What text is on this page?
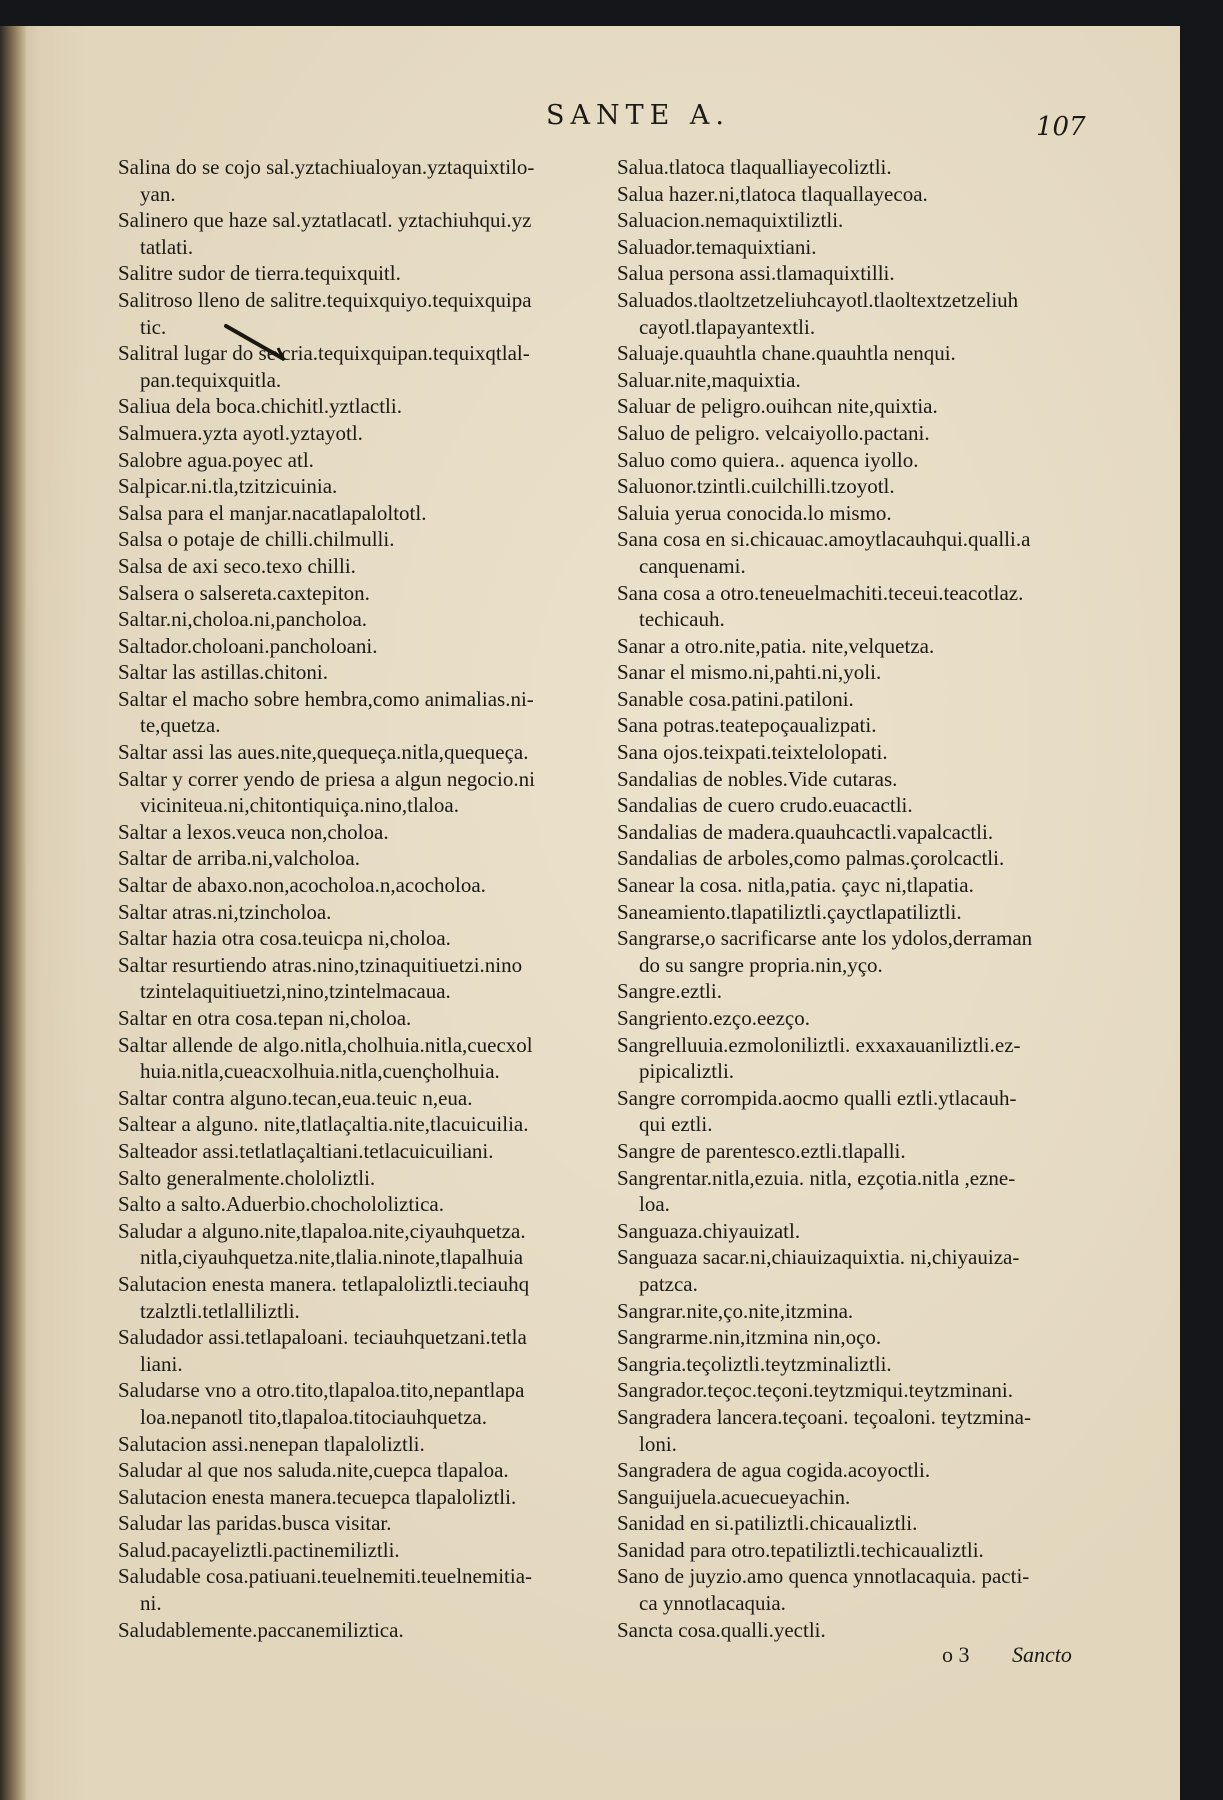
SANTE A.	107
Salina do se cojo sal.yztachiualoyan.yztaquixtilo-
yan.
Salinero que haze sal.yztatlacatl. yztachiuhqui.yz
tatlati.
Salitre sudor de tierra.tequixquitl.
Salitroso lleno de salitre.tequixquiyo.tequixquipa
tic.
Salitral lugar do se cria.tequixquipan.tequixqtlal-
pan.tequixquitla.
Saliua dela boca.chichitl.yztlactli.
Salmuera.yzta ayotl.yztayotl.
Salobre agua.poyec atl.
Salpicar.ni.tla,tzitzicuinia.
Salsa para el manjar.nacatlapaloltotl.
Salsa o potaje de chilli.chilmulli.
Salsa de axi seco.texo chilli.
Salsera o salsereta.caxtepiton.
Saltar.ni,choloa.ni,pancholoa.
Saltador.choloani.pancholoani.
Saltar las astillas.chitoni.
Saltar el macho sobre hembra,como animalias.ni-
te,quetza.
Saltar assi las aues.nite,quequeça.nitla,quequeça.
Saltar y correr yendo de priesa a algun negocio.ni
viciniteua.ni,chitontiquiça.nino,tlaloa.
Saltar a lexos.veuca non,choloa.
Saltar de arriba.ni,valcholoa.
Saltar de abaxo.non,acocholoa.n,acocholoa.
Saltar atras.ni,tzincholoa.
Saltar hazia otra cosa.teuicpa ni,choloa.
Saltar resurtiendo atras.nino,tzinaquitiuetzi.nino
tzintelaquitiuetzi,nino,tzintelmacaua.
Saltar en otra cosa.tepan ni,choloa.
Saltar allende de algo.nitla,cholhuia.nitla,cuecxol
huia.nitla,cueacxolhuia.nitla,cuençholhuia.
Saltar contra alguno.tecan,eua.teuic n,eua.
Saltear a alguno. nite,tlatlaçaltia.nite,tlacuicuilia.
Salteador assi.tetlatlaçaltiani.tetlacuicuiliani.
Salto generalmente.chololiztli.
Salto a salto.Aduerbio.chochololiztica.
Saludar a alguno.nite,tlapaloa.nite,ciyauhquetza.
nitla,ciyauhquetza.nite,tlalia.ninote,tlapalhuia
Salutacion enesta manera. tetlapaloliztli.teciauhq
tzalztli.tetlalliliztli.
Saludador assi.tetlapaloani. teciauhquetzani.tetla
liani.
Saludarse vno a otro.tito,tlapaloa.tito,nepantlapa
loa.nepanotl tito,tlapaloa.titociauhquetza.
Salutacion assi.nenepan tlapaloliztli.
Saludar al que nos saluda.nite,cuepca tlapaloa.
Salutacion enesta manera.tecuepca tlapaloliztli.
Saludar las paridas.busca visitar.
Salud.pacayeliztli.pactinemiliztli.
Saludable cosa.patiuani.teuelnemiti.teuelnemitia-
ni.
Saludablemente.paccanemiliztica.
Salua.tlatoca tlaqualliayecoliztli.
Salua hazer.ni,tlatoca tlaquallayecoa.
Saluacion.nemaquixtiliztli.
Saluador.temaquixtiani.
Salua persona assi.tlamaquixtilli.
Saluados.tlaoltzetzeliuhcayotl.tlaoltextzetzeliuh
cayotl.tlapayantextli.
Saluaje.quauhtla chane.quauhtla nenqui.
Saluar.nite,maquixtia.
Saluar de peligro.ouihcan nite,quixtia.
Saluo de peligro. velcaiyollo.pactani.
Saluo como quiera.. aquenca iyollo.
Saluonor.tzintli.cuilchilli.tzoyotl.
Saluia yerua conocida.lo mismo.
Sana cosa en si.chicauac.amoytlacauhqui.qualli.a
canquenami.
Sana cosa a otro.teneuelmachiti.teceui.teacotlaz.
techicauh.
Sanar a otro.nite,patia. nite,velquetza.
Sanar el mismo.ni,pahti.ni,yoli.
Sanable cosa.patini.patiloni.
Sana potras.teatepoçaualizpati.
Sana ojos.teixpati.teixtelolopati.
Sandalias de nobles.Vide cutaras.
Sandalias de cuero crudo.euacactli.
Sandalias de madera.quauhcactli.vapalcactli.
Sandalias de arboles,como palmas.çorolcactli.
Sanear la cosa. nitla,patia. çayc ni,tlapatia.
Saneamiento.tlapatiliztli.çayctlapatiliztli.
Sangrarse,o sacrificarse ante los ydolos,derraman
do su sangre propria.nin,yço.
Sangre.eztli.
Sangriento.ezço.eezço.
Sangrelluuia.ezmoloniliztli. exxaxauaniliztli.ez-
pipicaliztli.
Sangre corrompida.aocmo qualli eztli.ytlacauh-
qui eztli.
Sangre de parentesco.eztli.tlapalli.
Sangrentar.nitla,ezuia. nitla, ezçotia.nitla ,ezne-
loa.
Sanguaza.chiyauizatl.
Sanguaza sacar.ni,chiauizaquixtia. ni,chiyauiza-
patzca.
Sangrar.nite,ço.nite,itzmina.
Sangrarme.nin,itzmina nin,oço.
Sangria.teçoliztli.teytzminaliztli.
Sangrador.teçoc.teçoni.teytzmiqui.teytzminani.
Sangradera lancera.teçoani. teçoaloni. teytzmina-
loni.
Sangradera de agua cogida.acoyoctli.
Sanguijuela.acuecueyachin.
Sanidad en si.patiliztli.chicaualiztli.
Sanidad para otro.tepatiliztli.techicaualiztli.
Sano de juyzio.amo quenca ynnotlacaquia. pacti-
ca ynnotlacaquia.
Sancta cosa.qualli.yectli.
o 3 Sancto
